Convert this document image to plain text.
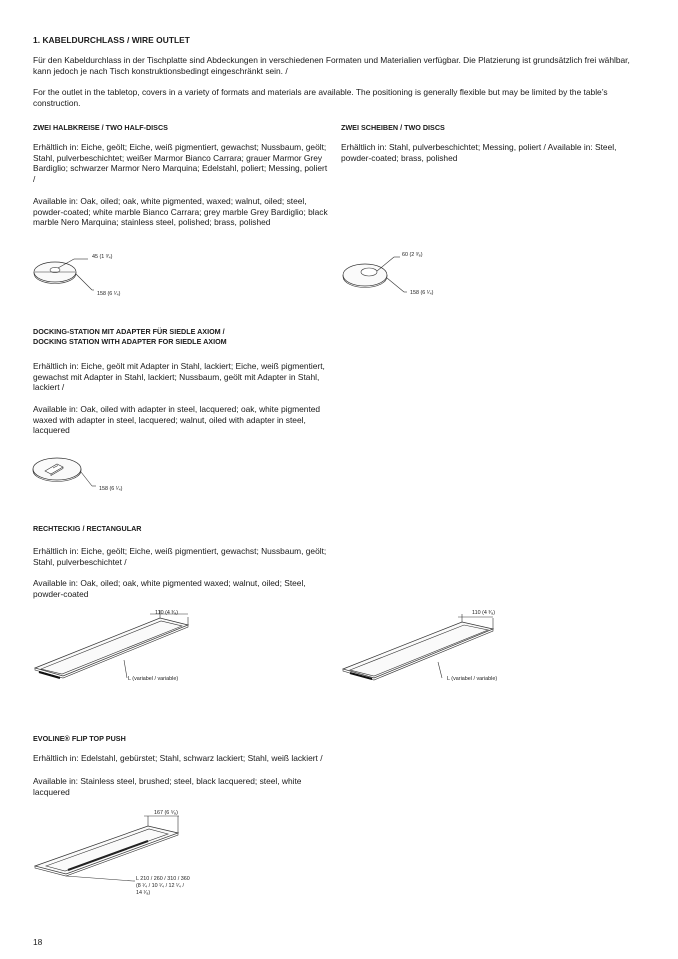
1. KABELDURCHLASS / WIRE OUTLET
Für den Kabeldurchlass in der Tischplatte sind Abdeckungen in verschiedenen Formaten und Materialien verfügbar. Die Platzierung ist grundsätzlich frei wählbar, kann jedoch je nach Tisch konstruktionsbedingt eingeschränkt sein. /
For the outlet in the tabletop, covers in a variety of formats and materials are available. The positioning is generally flexible but may be limited by the table’s construction.
ZWEI HALBKREISE / TWO HALF-DISCS
Erhältlich in: Eiche, geölt; Eiche, weiß pigmentiert, gewachst; Nussbaum, geölt; Stahl, pulverbeschichtet; weißer Marmor Bianco Carrara; grauer Marmor Grey Bardiglio; schwarzer Marmor Nero Marquina; Edelstahl, poliert; Messing, poliert /
Available in: Oak, oiled; oak, white pigmented, waxed; walnut, oiled; steel, powder-coated; white marble Bianco Carrara; grey marble Grey Bardiglio; black marble Nero Marquina; stainless steel, polished; brass, polished
45 (1 ³⁄₄)
158 (6 ¹⁄₄)
ZWEI SCHEIBEN / TWO DISCS
Erhältlich in: Stahl, pulverbeschichtet; Messing, poliert / Available in: Steel, powder-coated; brass, polished
60 (2 ³⁄₈)
158 (6 ¹⁄₄)
DOCKING-STATION MIT ADAPTER FÜR SIEDLE AXIOM /
DOCKING STATION WITH ADAPTER FOR SIEDLE AXIOM
Erhältlich in: Eiche, geölt mit Adapter in Stahl, lackiert; Eiche, weiß pigmentiert, gewachst mit Adapter in Stahl, lackiert; Nussbaum, geölt mit Adapter in Stahl, lackiert /
Available in: Oak, oiled with adapter in steel, lacquered; oak, white pigmented waxed with adapter in steel, lacquered; walnut, oiled with adapter in steel, lacquered
158 (6 ¹⁄₄)
RECHTECKIG / RECTANGULAR
Erhältlich in: Eiche, geölt; Eiche, weiß pigmentiert, gewachst; Nussbaum, geölt; Stahl, pulverbeschichtet /
Available in: Oak, oiled; oak, white pigmented waxed; walnut, oiled; Steel, powder-coated
110 (4 ³⁄₈)
L (variabel / variable)
110 (4 ³⁄₈)
L (variabel / variable)
EVOLINE® FLIP TOP PUSH
Erhältlich in: Edelstahl, gebürstet; Stahl, schwarz lackiert; Stahl, weiß lackiert /
Available in: Stainless steel, brushed; steel, black lacquered; steel, white lacquered
167 (6 ⁵⁄₈)
L 210 / 260 / 310 / 360
(8 ¹⁄₄ / 10 ¹⁄₄ / 12 ¹⁄₄ /
14 ¹⁄₈)
18
